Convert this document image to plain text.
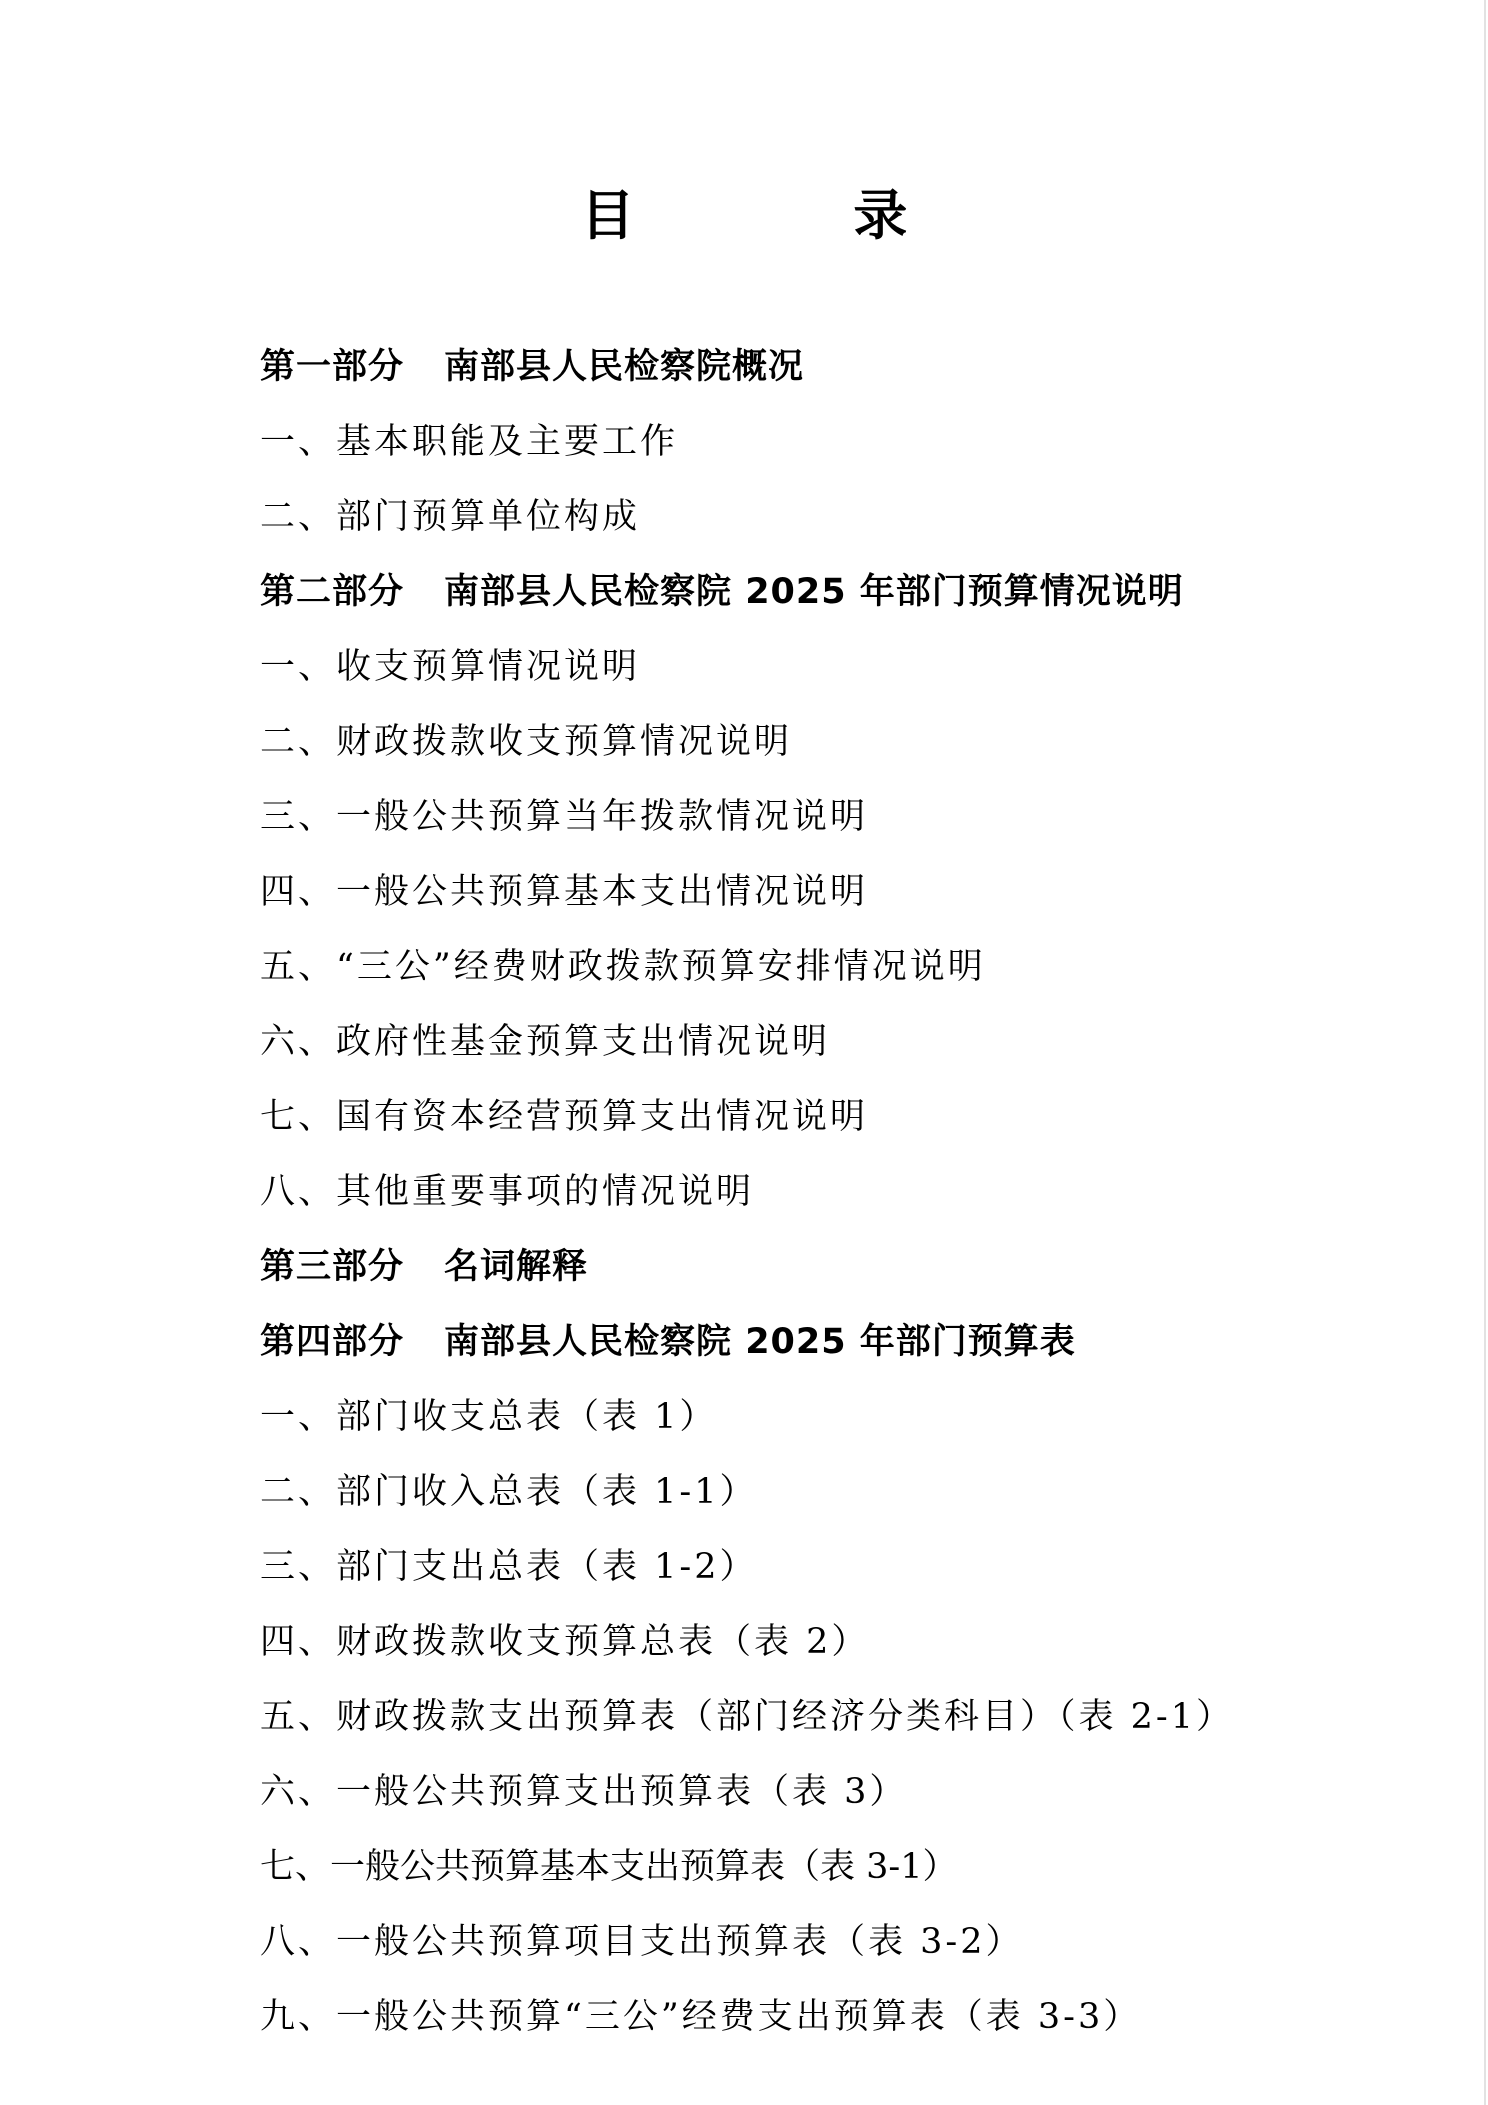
目 录
第一部分 南部县人民检察院概况
一、基本职能及主要工作
二、部门预算单位构成
第二部分 南部县人民检察院 2025 年部门预算情况说明
一、收支预算情况说明
二、财政拨款收支预算情况说明
三、一般公共预算当年拨款情况说明
四、一般公共预算基本支出情况说明
五、“三公”经费财政拨款预算安排情况说明
六、政府性基金预算支出情况说明
七、国有资本经营预算支出情况说明
八、其他重要事项的情况说明
第三部分 名词解释
第四部分 南部县人民检察院 2025 年部门预算表
一、部门收支总表（表 1）
二、部门收入总表（表 1-1）
三、部门支出总表（表 1-2）
四、财政拨款收支预算总表（表 2）
五、财政拨款支出预算表（部门经济分类科目）（表 2-1）
六、一般公共预算支出预算表（表 3）
七、一般公共预算基本支出预算表（表 3-1）
八、一般公共预算项目支出预算表（表 3-2）
九、一般公共预算“三公”经费支出预算表（表 3-3）
